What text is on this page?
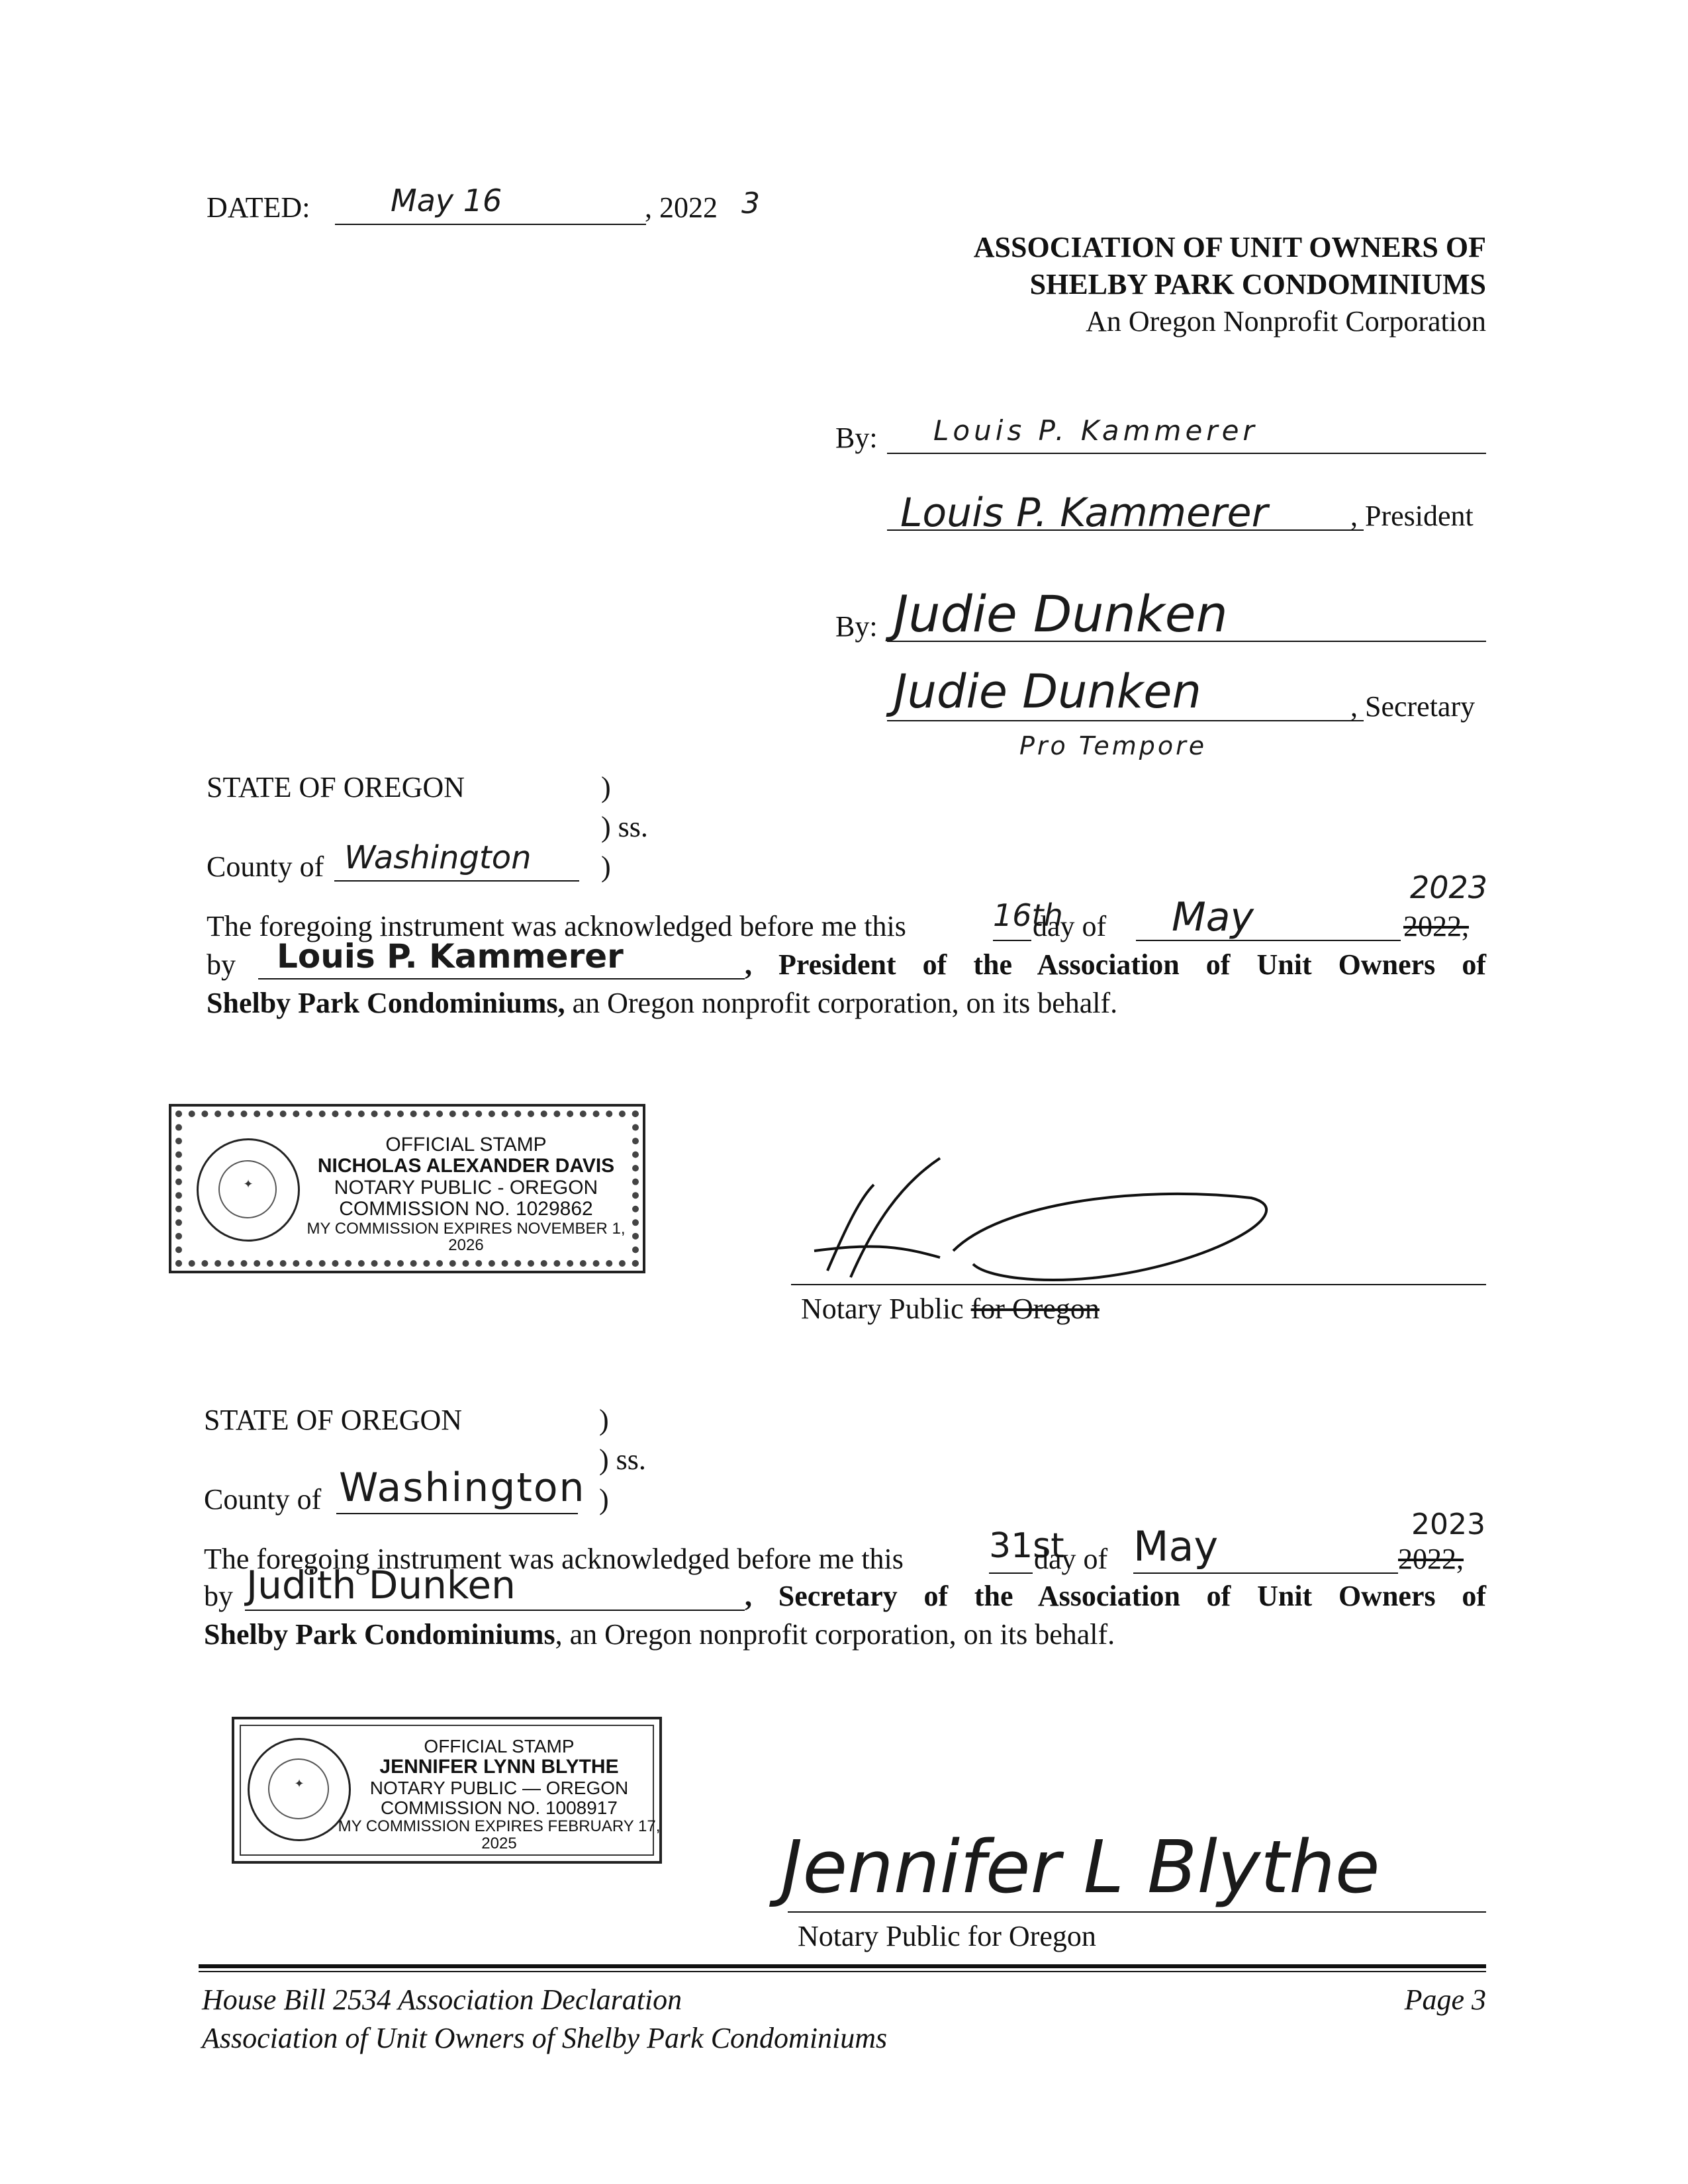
DATED:	May 16	, 2022 3
ASSOCIATION OF UNIT OWNERS OF
SHELBY PARK CONDOMINIUMS
An Oregon Nonprofit Corporation
By: Louis P. Kammerer
Louis P. Kammerer	, President
By: Judie Dunken
Judie Dunken	, Secretary
Pro Tempore
STATE OF OREGON	)
) ss.
County of Washington )
The foregoing instrument was acknowledged before me this	16th
day of May	2022,
2023
by Louis P. Kammerer	, President of the Association of Unit Owners of
Shelby Park Condominiums, an Oregon nonprofit corporation, on its behalf.
✦
OFFICIAL STAMP
NICHOLAS ALEXANDER DAVIS
NOTARY PUBLIC - OREGON
COMMISSION NO. 1029862
MY COMMISSION EXPIRES NOVEMBER 1, 2026
Notary Public for Oregon
STATE OF OREGON	)
) ss.
County of Washington )
The foregoing instrument was acknowledged before me this 31st
day of May	2022,
2023
by Judith Dunken	, Secretary of the Association of Unit Owners of
Shelby Park Condominiums, an Oregon nonprofit corporation, on its behalf.
✦
OFFICIAL STAMP
JENNIFER LYNN BLYTHE
NOTARY PUBLIC — OREGON
COMMISSION NO. 1008917
MY COMMISSION EXPIRES FEBRUARY 17, 2025	Jennifer L Blythe
Notary Public for Oregon
House Bill 2534 Association Declaration
Association of Unit Owners of Shelby Park Condominiums
Page 3
